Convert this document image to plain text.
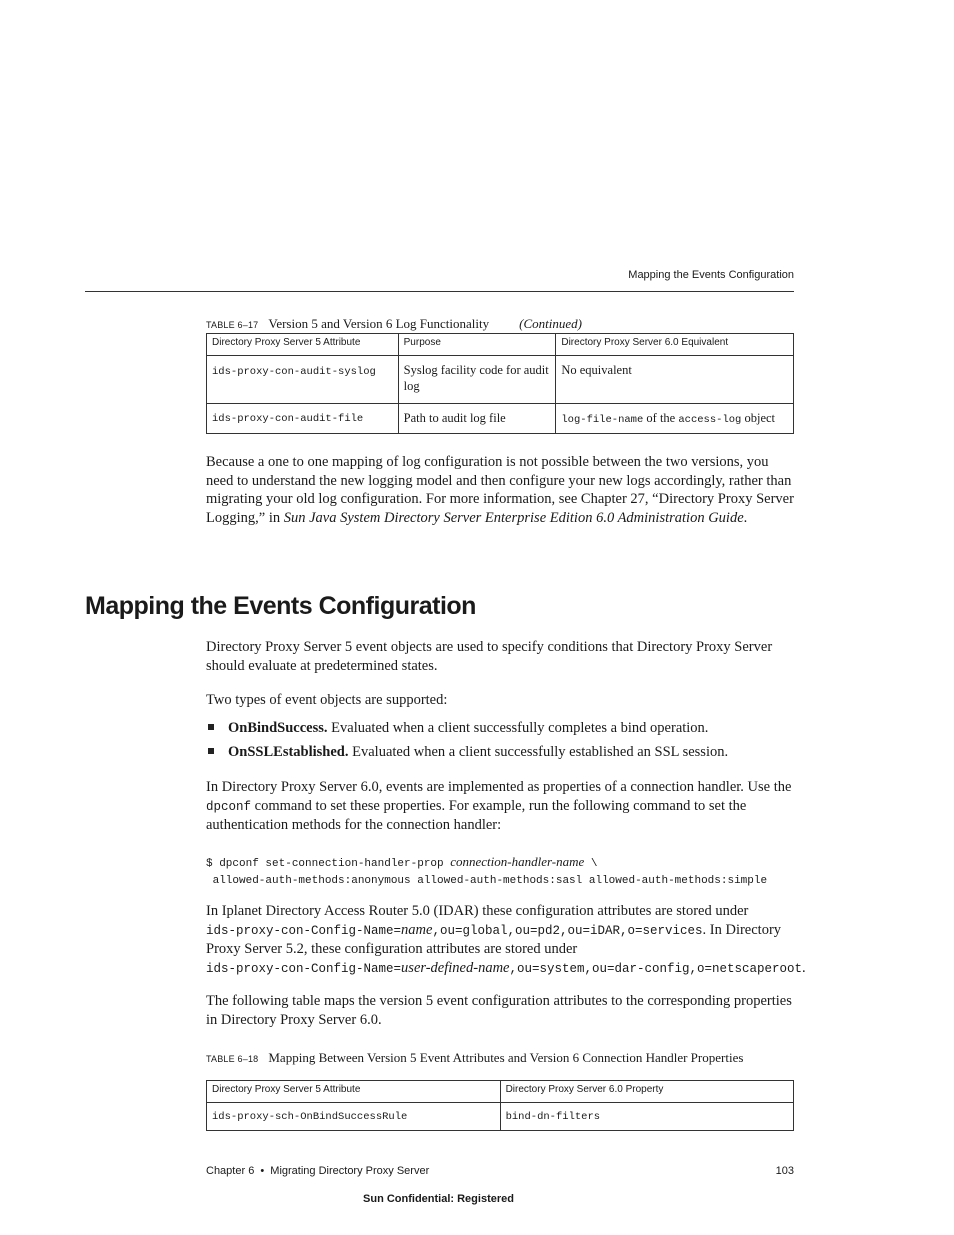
Mapping the Events Configuration
TABLE 6–17 Version 5 and Version 6 Log Functionality (Continued)
Directory Proxy Server 5 Attribute	Purpose	Directory Proxy Server 6.0 Equivalent
ids-proxy-con-audit-syslog	Syslog facility code for audit log	No equivalent
ids-proxy-con-audit-file	Path to audit log file	log-file-name of the access-log object
Because a one to one mapping of log configuration is not possible between the two versions, you need to understand the new logging model and then configure your new logs accordingly, rather than migrating your old log configuration. For more information, see Chapter 27, “Directory Proxy Server Logging,” in Sun Java System Directory Server Enterprise Edition 6.0 Administration Guide.
Mapping the Events Configuration
Directory Proxy Server 5 event objects are used to specify conditions that Directory Proxy Server should evaluate at predetermined states.
Two types of event objects are supported:
OnBindSuccess. Evaluated when a client successfully completes a bind operation.
OnSSLEstablished. Evaluated when a client successfully established an SSL session.
In Directory Proxy Server 6.0, events are implemented as properties of a connection handler. Use the dpconf command to set these properties. For example, run the following command to set the authentication methods for the connection handler:
$ dpconf set-connection-handler-prop connection-handler-name \
allowed-auth-methods:anonymous allowed-auth-methods:sasl allowed-auth-methods:simple
In Iplanet Directory Access Router 5.0 (IDAR) these configuration attributes are stored under
ids-proxy-con-Config-Name=name,ou=global,ou=pd2,ou=iDAR,o=services. In Directory Proxy Server 5.2, these configuration attributes are stored under
ids-proxy-con-Config-Name=user-defined-name,ou=system,ou=dar-config,o=netscaperoot.
The following table maps the version 5 event configuration attributes to the corresponding properties in Directory Proxy Server 6.0.
TABLE 6–18 Mapping Between Version 5 Event Attributes and Version 6 Connection Handler Properties
Directory Proxy Server 5 Attribute	Directory Proxy Server 6.0 Property
ids-proxy-sch-OnBindSuccessRule	bind-dn-filters
Chapter 6 • Migrating Directory Proxy Server	103
Sun Confidential: Registered
